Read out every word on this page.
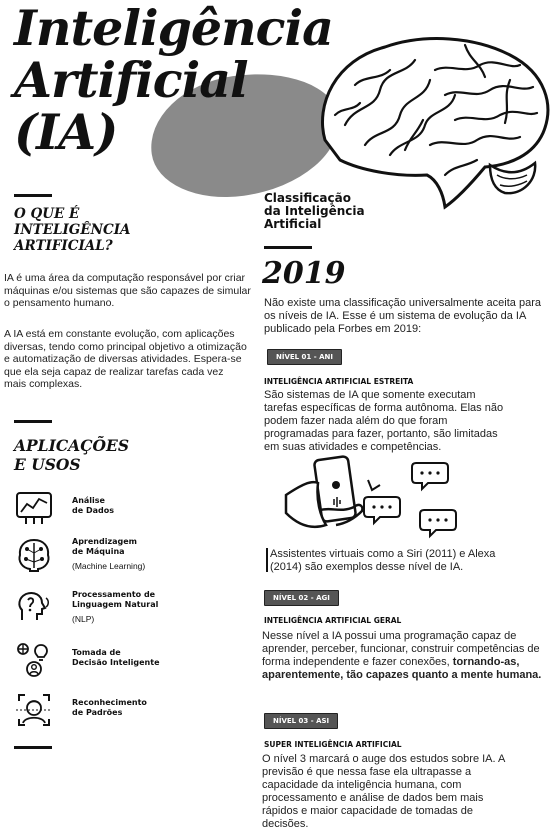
Inteligência
Artificial
(IA)
O QUE É
INTELIGÊNCIA
ARTIFICIAL?
IA é uma área da computação responsável por criar máquinas e/ou sistemas que são capazes de simular o pensamento humano.
A IA está em constante evolução, com aplicações diversas, tendo como principal objetivo a otimização e automatização de diversas atividades. Espera-se que ela seja capaz de realizar tarefas cada vez mais complexas.
APLICAÇÕES
E USOS
Análise
de Dados
Aprendizagem
de Máquina
(Machine Learning)
Processamento de
Linguagem Natural
(NLP)
Tomada de
Decisão Inteligente
Reconhecimento
de Padrões
Classificação
da Inteligência
Artificial
2019
Não existe uma classificação universalmente aceita para os níveis de IA. Esse é um sistema de evolução da IA publicado pela Forbes em 2019:
NÍVEL 01 - ANI
INTELIGÊNCIA ARTIFICIAL ESTREITA
São sistemas de IA que somente executam tarefas específicas de forma autônoma. Elas não podem fazer nada além do que foram programadas para fazer, portanto, são limitadas em suas atividades e competências.
Assistentes virtuais como a Siri (2011) e Alexa (2014) são exemplos desse nível de IA.
NÍVEL 02 - AGI
INTELIGÊNCIA ARTIFICIAL GERAL
Nesse nível a IA possui uma programação capaz de aprender, perceber, funcionar, construir competências de forma independente e fazer conexões, tornando-as, aparentemente, tão capazes quanto a mente humana.
NÍVEL 03 - ASI
SUPER INTELIGÊNCIA ARTIFICIAL
O nível 3 marcará o auge dos estudos sobre IA. A previsão é que nessa fase ela ultrapasse a capacidade da inteligência humana, com processamento e análise de dados bem mais rápidos e maior capacidade de tomadas de decisões.
